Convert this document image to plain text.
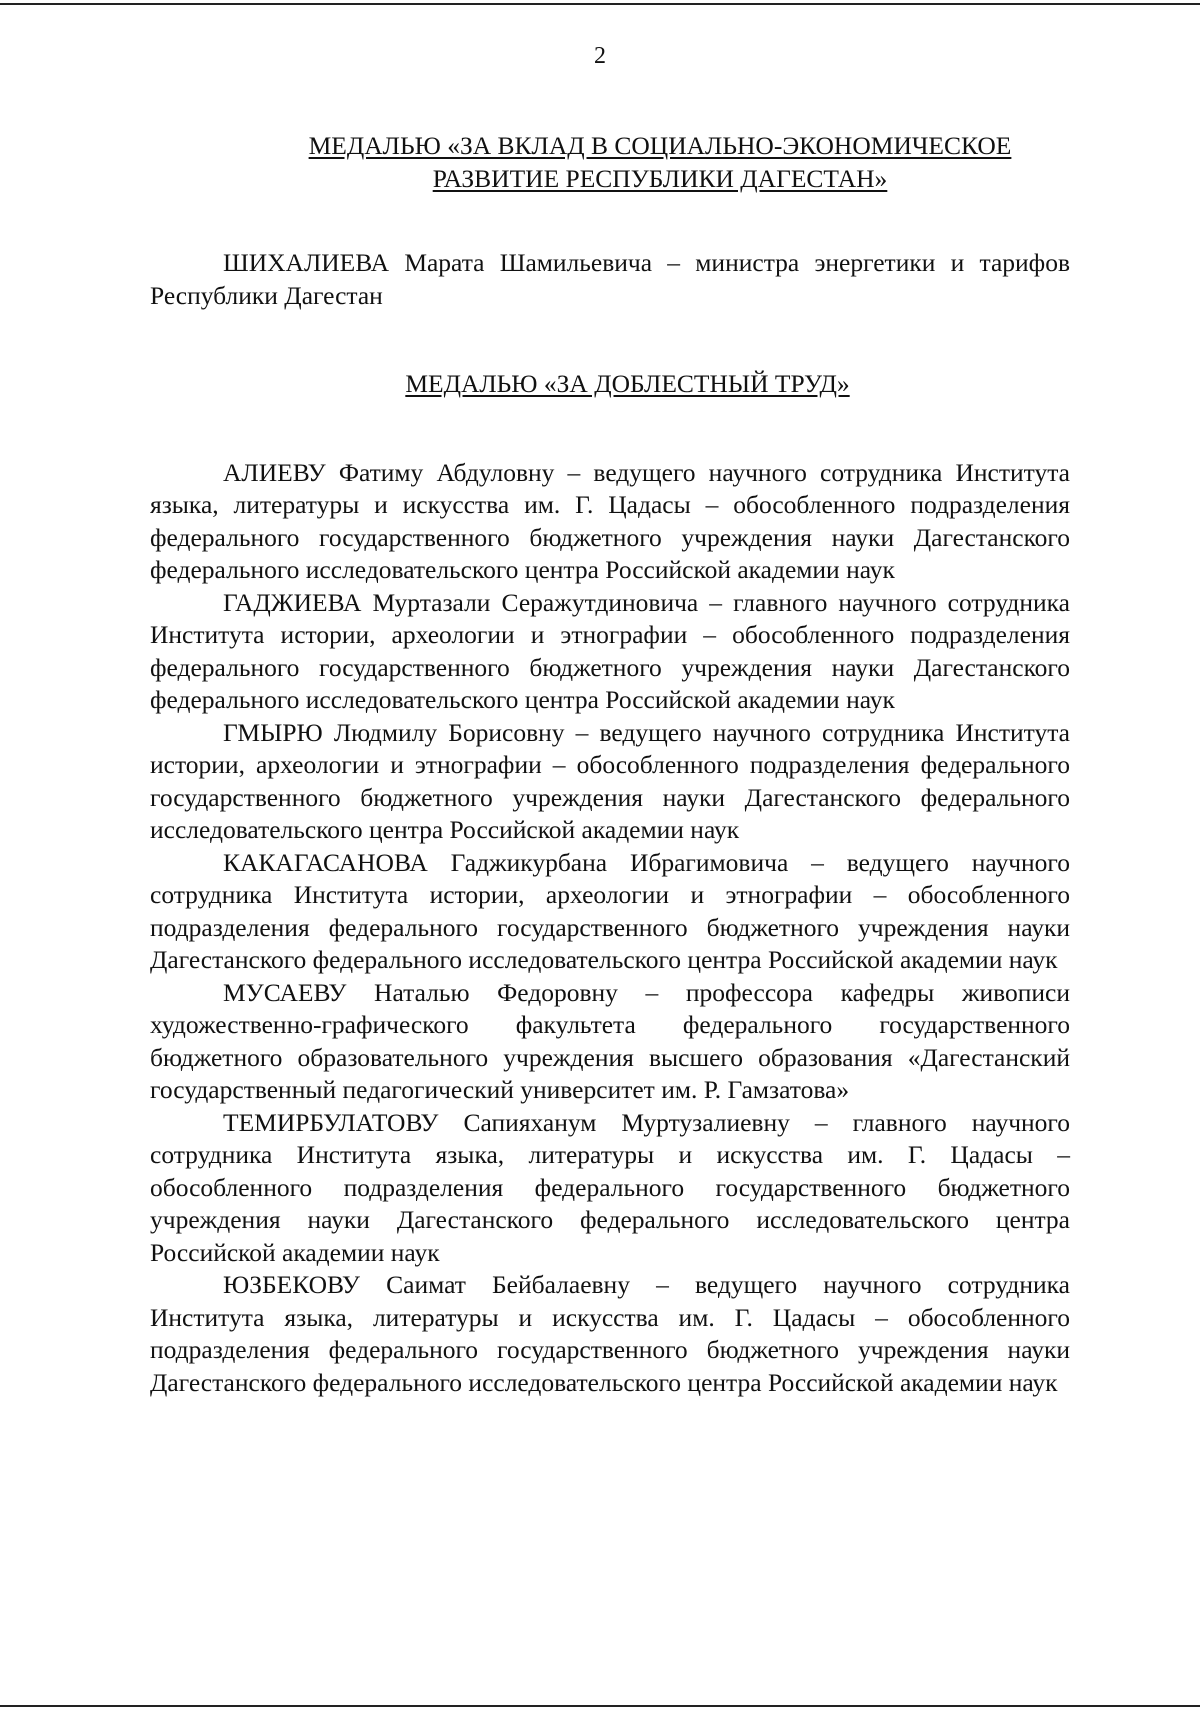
2
МЕДАЛЬЮ «ЗА ВКЛАД В СОЦИАЛЬНО-ЭКОНОМИЧЕСКОЕ
РАЗВИТИЕ РЕСПУБЛИКИ ДАГЕСТАН»

ШИХАЛИЕВА Марата Шамильевича – министра энергетики и тарифов Республики Дагестан

МЕДАЛЬЮ «ЗА ДОБЛЕСТНЫЙ ТРУД»

АЛИЕВУ Фатиму Абдуловну – ведущего научного сотрудника Института языка, литературы и искусства им. Г. Цадасы – обособленного подразделения федерального государственного бюджетного учреждения науки Дагестанского федерального исследовательского центра Российской академии наук

ГАДЖИЕВА Муртазали Серажутдиновича – главного научного сотрудника Института истории, археологии и этнографии – обособленного подразделения федерального государственного бюджетного учреждения науки Дагестанского федерального исследовательского центра Российской академии наук

ГМЫРЮ Людмилу Борисовну – ведущего научного сотрудника Института истории, археологии и этнографии – обособленного подразделения федерального государственного бюджетного учреждения науки Дагестанского федерального исследовательского центра Российской академии наук

КАКАГАСАНОВА Гаджикурбана Ибрагимовича – ведущего научного сотрудника Института истории, археологии и этнографии – обособленного подразделения федерального государственного бюджетного учреждения науки Дагестанского федерального исследовательского центра Российской академии наук

МУСАЕВУ Наталью Федоровну – профессора кафедры живописи художественно-графического факультета федерального государственного бюджетного образовательного учреждения высшего образования «Дагестанский государственный педагогический университет им. Р. Гамзатова»

ТЕМИРБУЛАТОВУ Сапияханум Муртузалиевну – главного научного сотрудника Института языка, литературы и искусства им. Г. Цадасы – обособленного подразделения федерального государственного бюджетного учреждения науки Дагестанского федерального исследовательского центра Российской академии наук

ЮЗБЕКОВУ Саимат Бейбалаевну – ведущего научного сотрудника Института языка, литературы и искусства им. Г. Цадасы – обособленного подразделения федерального государственного бюджетного учреждения науки Дагестанского федерального исследовательского центра Российской академии наук
